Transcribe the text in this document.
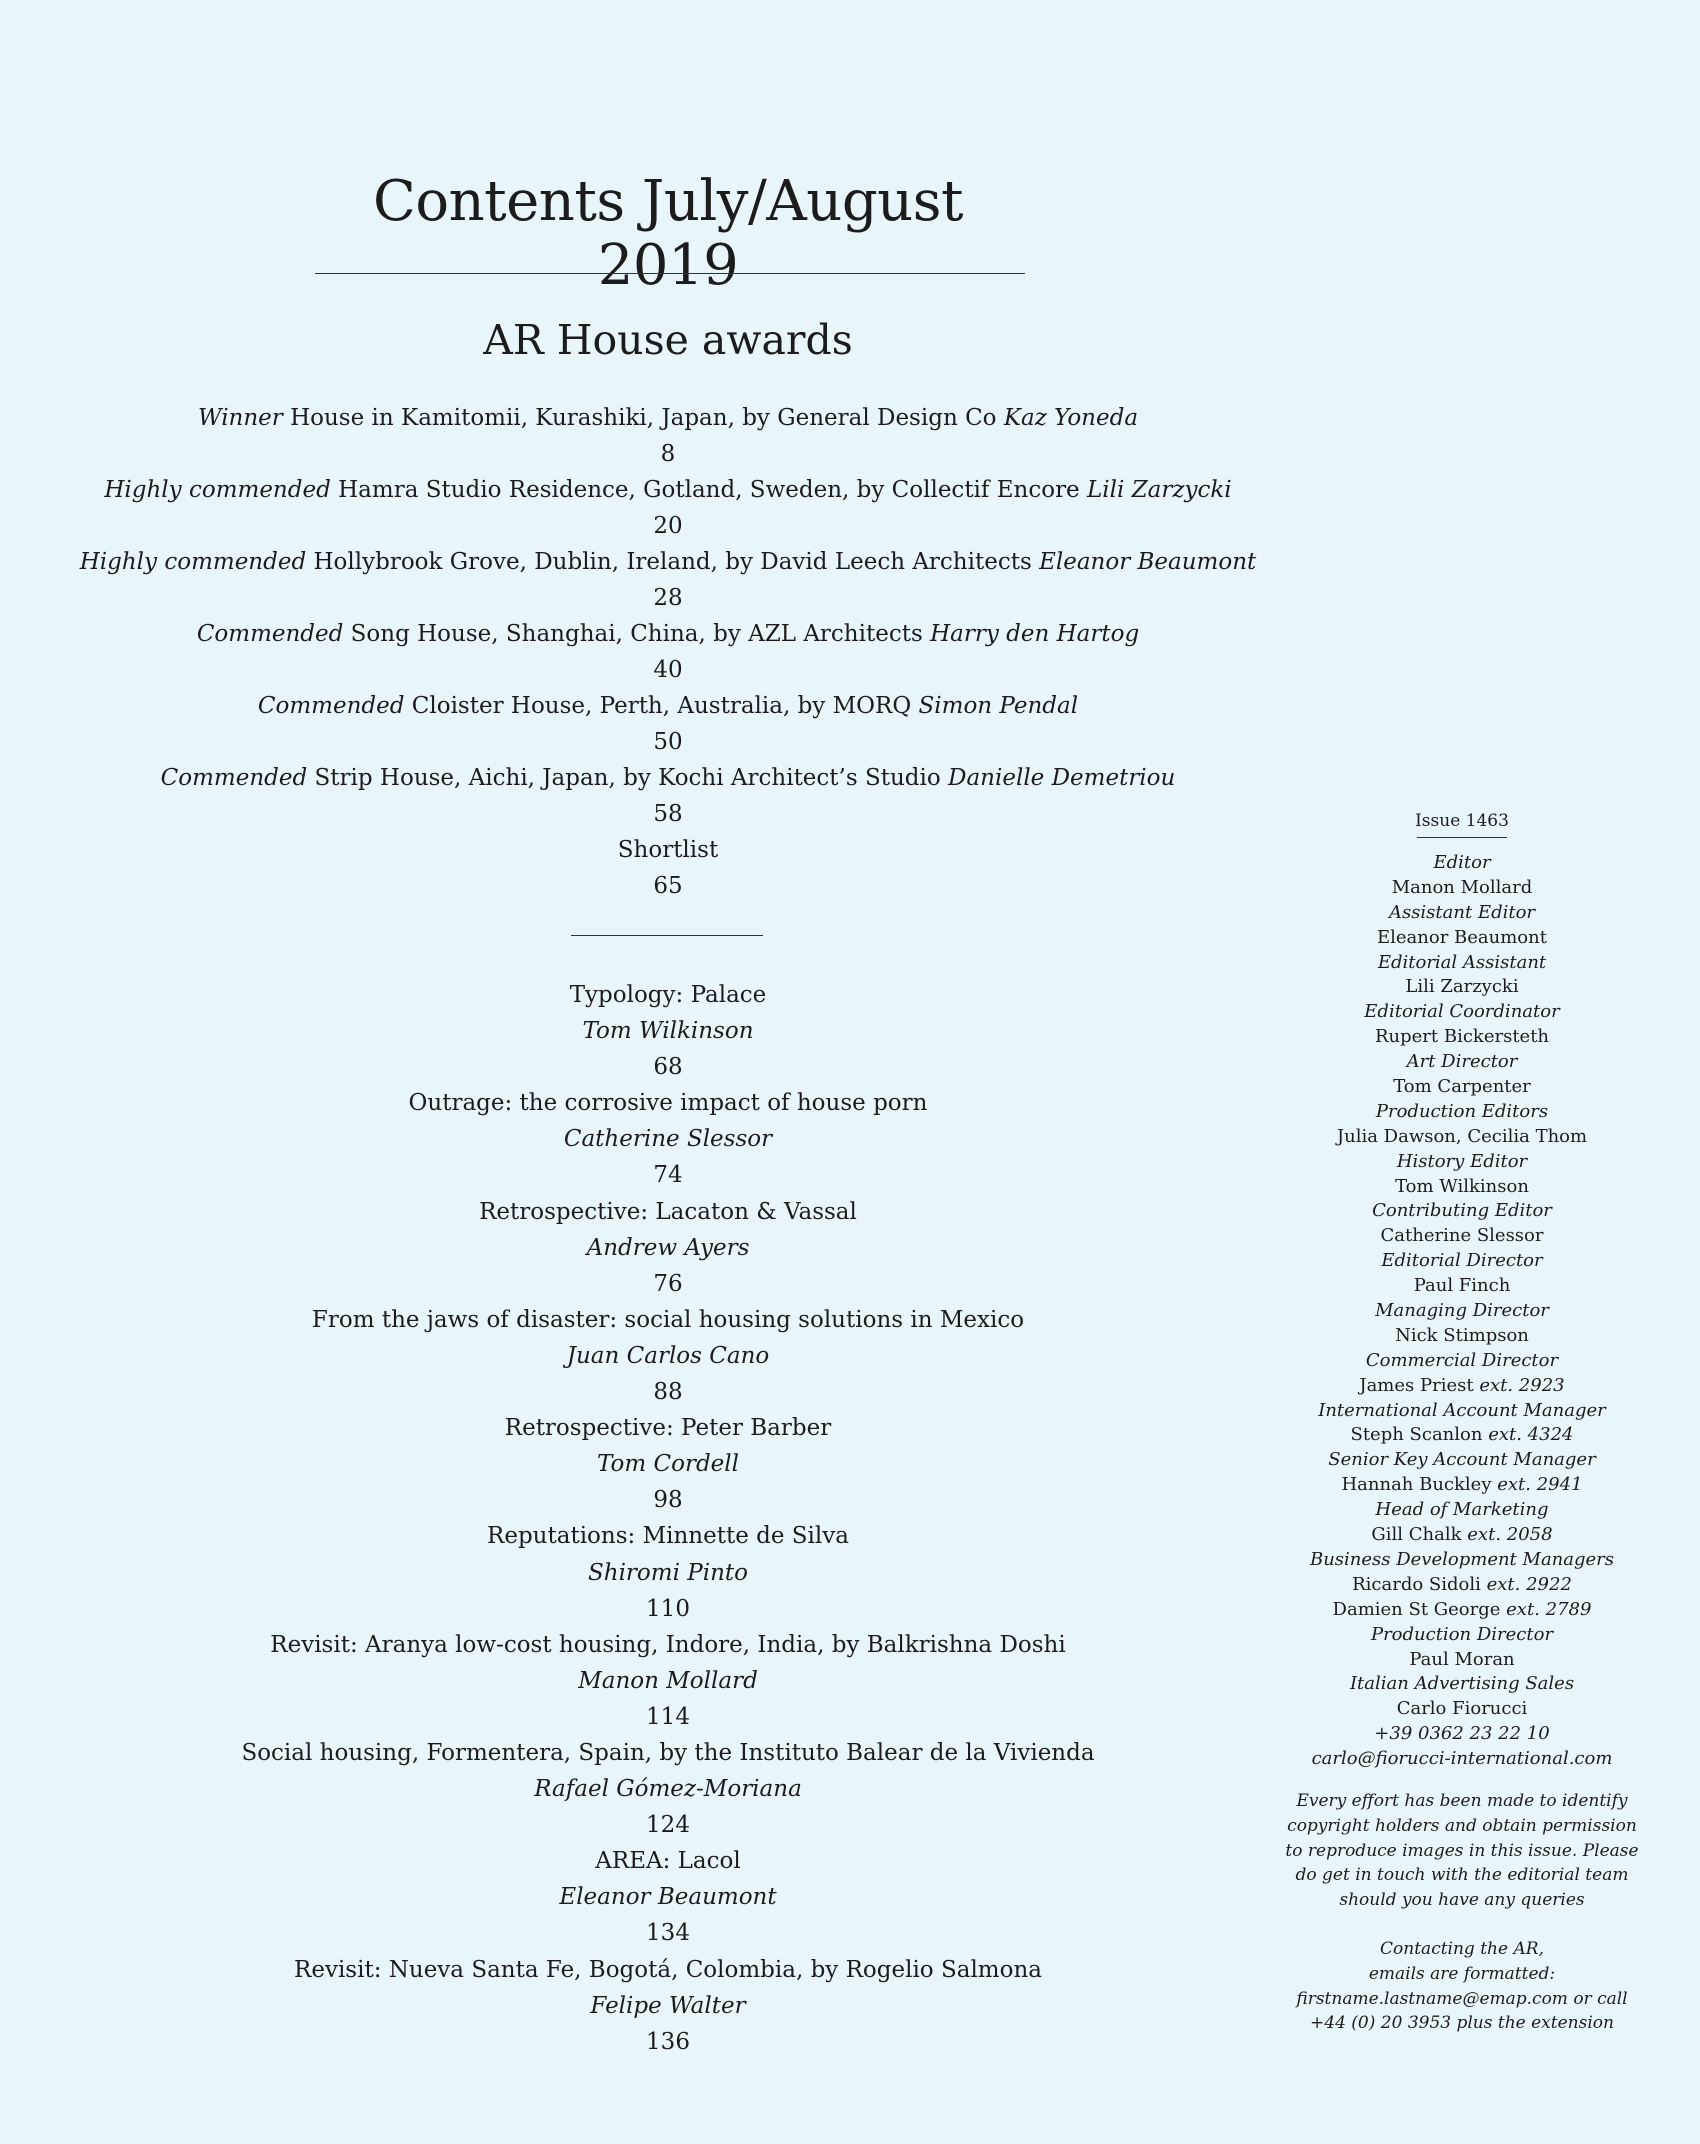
Contents July/August 2019
AR House awards
Winner House in Kamitomii, Kurashiki, Japan, by General Design Co Kaz Yoneda
8
Highly commended Hamra Studio Residence, Gotland, Sweden, by Collectif Encore Lili Zarzycki
20
Highly commended Hollybrook Grove, Dublin, Ireland, by David Leech Architects Eleanor Beaumont
28
Commended Song House, Shanghai, China, by AZL Architects Harry den Hartog
40
Commended Cloister House, Perth, Australia, by MORQ Simon Pendal
50
Commended Strip House, Aichi, Japan, by Kochi Architect’s Studio Danielle Demetriou
58
Shortlist
65
Typology: Palace
Tom Wilkinson
68
Outrage: the corrosive impact of house porn
Catherine Slessor
74
Retrospective: Lacaton & Vassal
Andrew Ayers
76
From the jaws of disaster: social housing solutions in Mexico
Juan Carlos Cano
88
Retrospective: Peter Barber
Tom Cordell
98
Reputations: Minnette de Silva
Shiromi Pinto
110
Revisit: Aranya low-cost housing, Indore, India, by Balkrishna Doshi
Manon Mollard
114
Social housing, Formentera, Spain, by the Instituto Balear de la Vivienda
Rafael Gómez-Moriana
124
AREA: Lacol
Eleanor Beaumont
134
Revisit: Nueva Santa Fe, Bogotá, Colombia, by Rogelio Salmona
Felipe Walter
136
Issue 1463
Editor
Manon Mollard
Assistant Editor
Eleanor Beaumont
Editorial Assistant
Lili Zarzycki
Editorial Coordinator
Rupert Bickersteth
Art Director
Tom Carpenter
Production Editors
Julia Dawson, Cecilia Thom
History Editor
Tom Wilkinson
Contributing Editor
Catherine Slessor
Editorial Director
Paul Finch
Managing Director
Nick Stimpson
Commercial Director
James Priest ext. 2923
International Account Manager
Steph Scanlon ext. 4324
Senior Key Account Manager
Hannah Buckley ext. 2941
Head of Marketing
Gill Chalk ext. 2058
Business Development Managers
Ricardo Sidoli ext. 2922
Damien St George ext. 2789
Production Director
Paul Moran
Italian Advertising Sales
Carlo Fiorucci
+39 0362 23 22 10
carlo@fiorucci-international.com
Every effort has been made to identify
copyright holders and obtain permission
to reproduce images in this issue. Please
do get in touch with the editorial team
should you have any queries
Contacting the AR,
emails are formatted:
firstname.lastname@emap.com or call
+44 (0) 20 3953 plus the extension
